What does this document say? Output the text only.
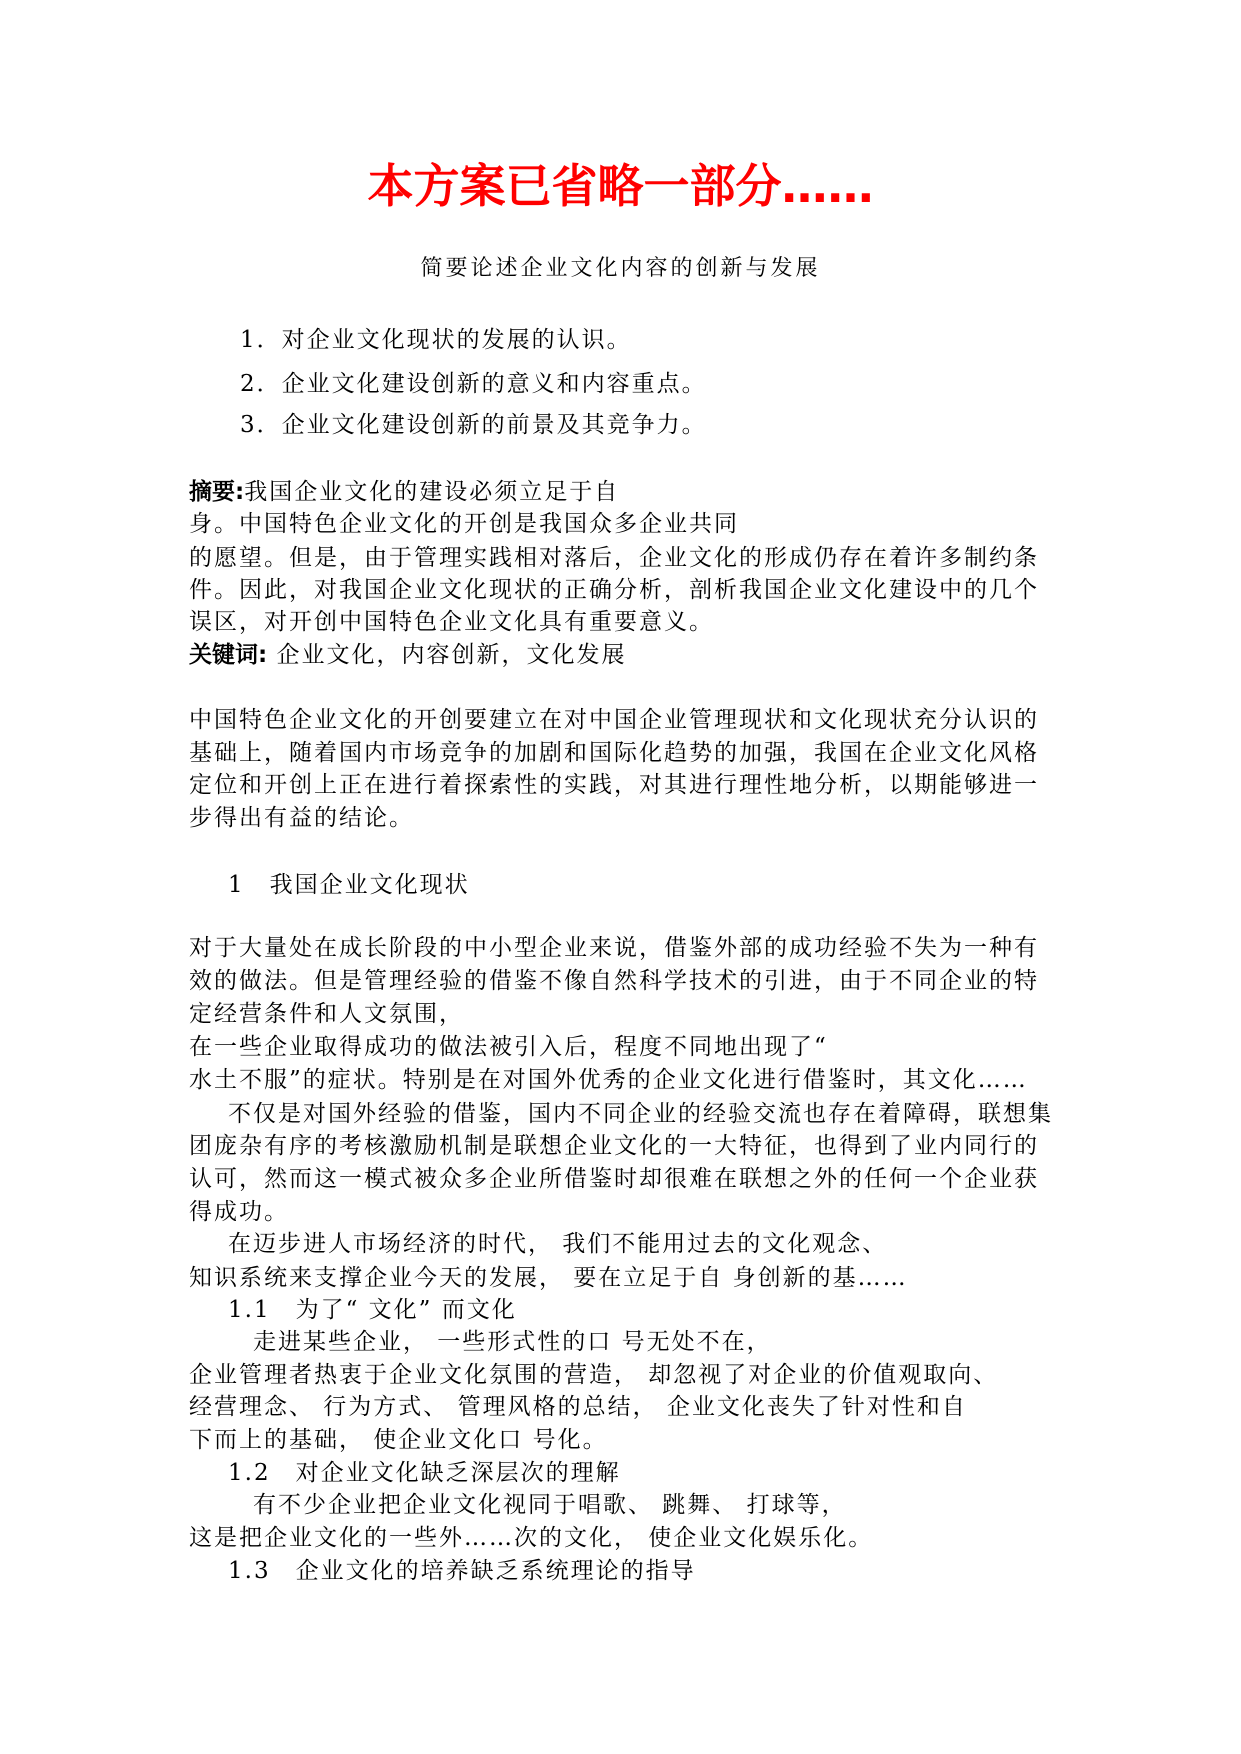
本方案已省略一部分……
简要论述企业文化内容的创新与发展
1．对企业文化现状的发展的认识。
2．企业文化建设创新的意义和内容重点。
3．企业文化建设创新的前景及其竞争力。
摘要:我国企业文化的建设必须立足于自
身。中国特色企业文化的开创是我国众多企业共同
的愿望。但是，由于管理实践相对落后，企业文化的形成仍存在着许多制约条
件。因此，对我国企业文化现状的正确分析，剖析我国企业文化建设中的几个
误区，对开创中国特色企业文化具有重要意义。
关键词: 企业文化，内容创新，文化发展
中国特色企业文化的开创要建立在对中国企业管理现状和文化现状充分认识的
基础上，随着国内市场竞争的加剧和国际化趋势的加强，我国在企业文化风格
定位和开创上正在进行着探索性的实践，对其进行理性地分析，以期能够进一
步得出有益的结论。
1　我国企业文化现状
对于大量处在成长阶段的中小型企业来说，借鉴外部的成功经验不失为一种有
效的做法。但是管理经验的借鉴不像自然科学技术的引进，由于不同企业的特
定经营条件和人文氛围，
在一些企业取得成功的做法被引入后，程度不同地出现了“
水土不服”的症状。特别是在对国外优秀的企业文化进行借鉴时，其文化……
不仅是对国外经验的借鉴，国内不同企业的经验交流也存在着障碍，联想集
团庞杂有序的考核激励机制是联想企业文化的一大特征，也得到了业内同行的
认可，然而这一模式被众多企业所借鉴时却很难在联想之外的任何一个企业获
得成功。
在迈步进人市场经济的时代， 我们不能用过去的文化观念、
知识系统来支撑企业今天的发展， 要在立足于自 身创新的基……
1.1　为了“ 文化” 而文化
走进某些企业， 一些形式性的口 号无处不在，
企业管理者热衷于企业文化氛围的营造， 却忽视了对企业的价值观取向、
经营理念、 行为方式、 管理风格的总结， 企业文化丧失了针对性和自
下而上的基础， 使企业文化口 号化。
1.2　对企业文化缺乏深层次的理解
有不少企业把企业文化视同于唱歌、 跳舞、 打球等，
这是把企业文化的一些外……次的文化， 使企业文化娱乐化。
1.3　企业文化的培养缺乏系统理论的指导
